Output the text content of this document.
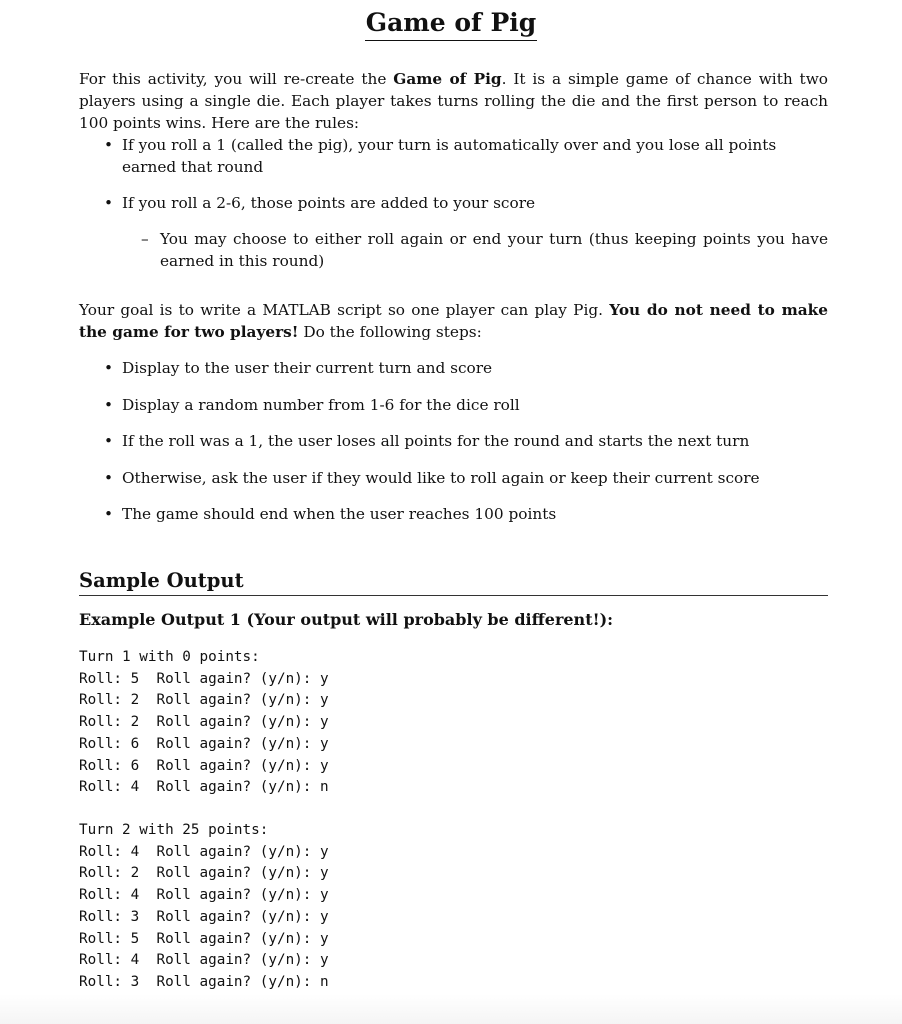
Game of Pig
For this activity, you will re-create the Game of Pig. It is a simple game of chance with two players using a single die. Each player takes turns rolling the die and the first person to reach 100 points wins. Here are the rules:
• If you roll a 1 (called the pig), your turn is automatically over and you lose all points earned that round
• If you roll a 2-6, those points are added to your score
– You may choose to either roll again or end your turn (thus keeping points you have earned in this round)
Your goal is to write a MATLAB script so one player can play Pig. You do not need to make the game for two players! Do the following steps:
• Display to the user their current turn and score
• Display a random number from 1-6 for the dice roll
• If the roll was a 1, the user loses all points for the round and starts the next turn
• Otherwise, ask the user if they would like to roll again or keep their current score
• The game should end when the user reaches 100 points
Sample Output
Example Output 1 (Your output will probably be different!):
Turn 1 with 0 points:
Roll: 5  Roll again? (y/n): y
Roll: 2  Roll again? (y/n): y
Roll: 2  Roll again? (y/n): y
Roll: 6  Roll again? (y/n): y
Roll: 6  Roll again? (y/n): y
Roll: 4  Roll again? (y/n): n
Turn 2 with 25 points:
Roll: 4  Roll again? (y/n): y
Roll: 2  Roll again? (y/n): y
Roll: 4  Roll again? (y/n): y
Roll: 3  Roll again? (y/n): y
Roll: 5  Roll again? (y/n): y
Roll: 4  Roll again? (y/n): y
Roll: 3  Roll again? (y/n): n
